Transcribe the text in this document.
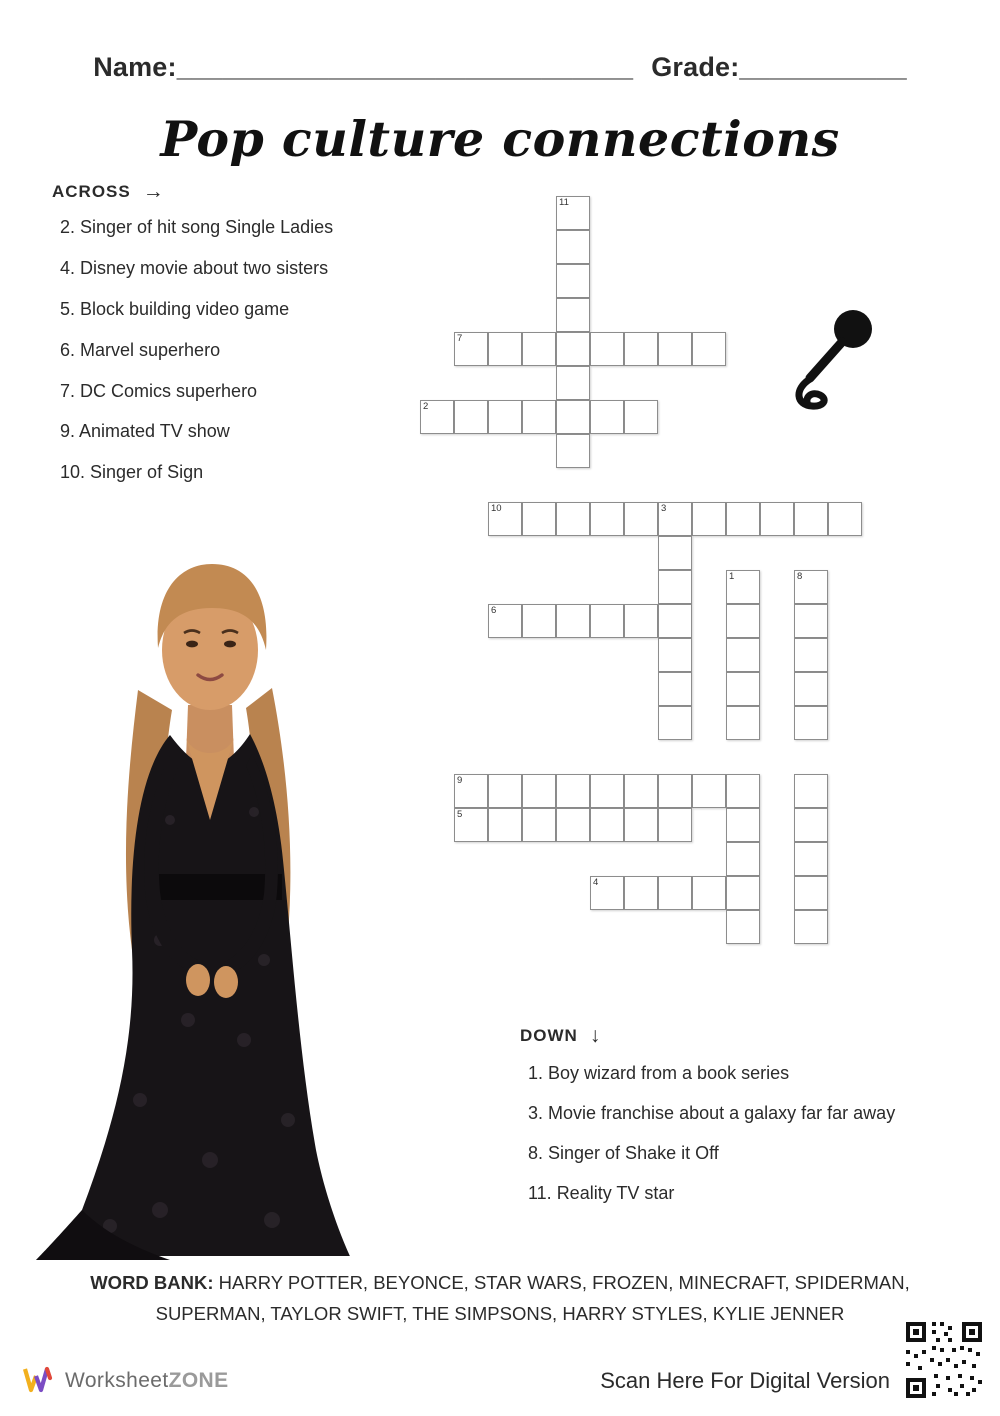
Name:______________________________ Grade:___________
Pop culture connections
ACROSS →
2. Singer of hit song Single Ladies
4. Disney movie about two sisters
5. Block building video game
6. Marvel superhero
7. DC Comics superhero
9. Animated TV show
10. Singer of Sign
11
7
2
10	3
1	8
6
9
5
4
DOWN ↓
1. Boy wizard from a book series
3. Movie franchise about a galaxy far far away
8. Singer of Shake it Off
11. Reality TV star
WORD BANK: HARRY POTTER, BEYONCE, STAR WARS, FROZEN, MINECRAFT, SPIDERMAN, SUPERMAN, TAYLOR SWIFT, THE SIMPSONS, HARRY STYLES, KYLIE JENNER
WorksheetZONE	Scan Here For Digital Version
